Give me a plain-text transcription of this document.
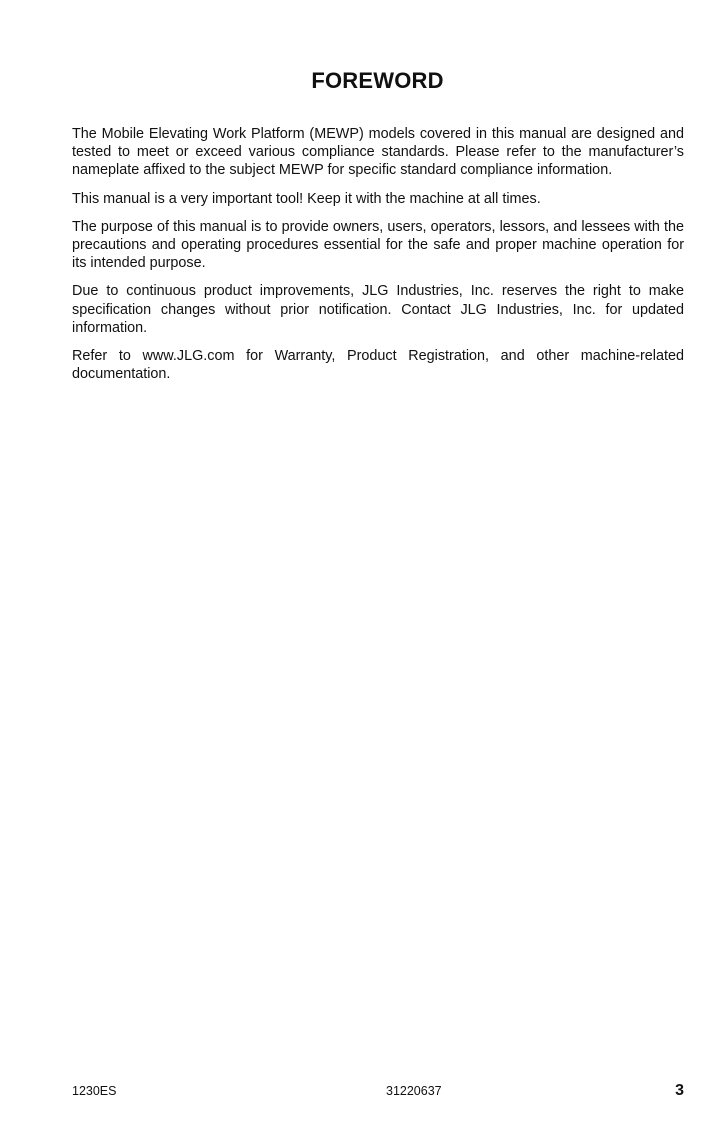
FOREWORD

The Mobile Elevating Work Platform (MEWP) models covered in this manual are designed and tested to meet or exceed various compliance standards. Please refer to the manufacturer’s nameplate affixed to the subject MEWP for specific standard compliance information.

This manual is a very important tool! Keep it with the machine at all times.

The purpose of this manual is to provide owners, users, operators, lessors, and lessees with the precautions and operating procedures essential for the safe and proper machine operation for its intended purpose.

Due to continuous product improvements, JLG Industries, Inc. reserves the right to make specification changes without prior notification. Contact JLG Industries, Inc. for updated information.

Refer to www.JLG.com for Warranty, Product Registration, and other machine-related documentation.

1230ES	31220637	3
